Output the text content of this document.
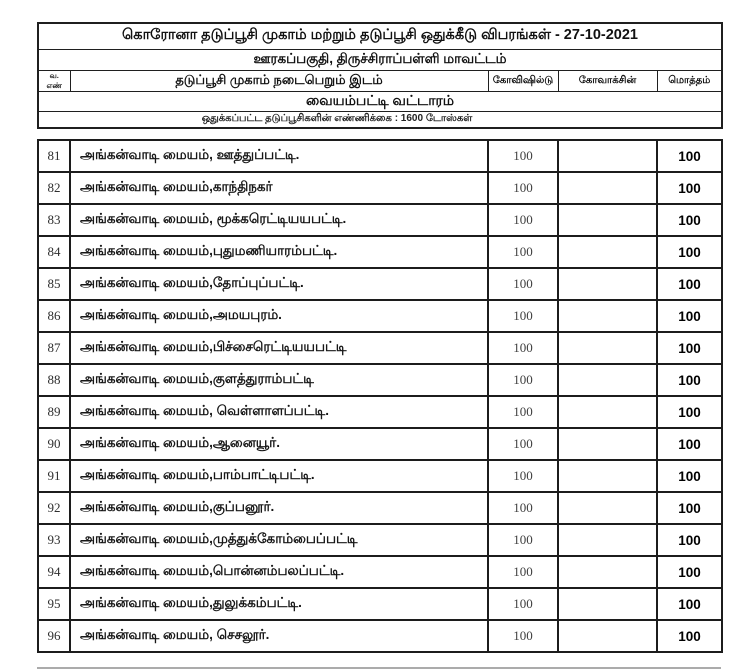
கொரோனா தடுப்பூசி முகாம் மற்றும் தடுப்பூசி ஒதுக்கீடு விபரங்கள் - 27-10-2021
ஊரகப்பகுதி, திருச்சிராப்பள்ளி மாவட்டம்
வ. எண்	தடுப்பூசி முகாம் நடைபெறும் இடம்	கோவிஷில்டு	கோவாக்சின்	மொத்தம்
வையம்பட்டி வட்டாரம்
ஒதுக்கப்பட்ட தடுப்பூசிகளின் எண்ணிக்கை : 1600 டோஸ்கள்
81	அங்கன்வாடி மையம், ஊத்துப்பட்டி.	100		100
82	அங்கன்வாடி மையம்,காந்திநகர்	100		100
83	அங்கன்வாடி மையம், மூக்கரெட்டியயபட்டி.	100		100
84	அங்கன்வாடி மையம்,புதுமணியாரம்பட்டி.	100		100
85	அங்கன்வாடி மையம்,தோப்புப்பட்டி.	100		100
86	அங்கன்வாடி மையம்,அமயபுரம்.	100		100
87	அங்கன்வாடி மையம்,பிச்சைரெட்டியயபட்டி	100		100
88	அங்கன்வாடி மையம்,குளத்துராம்பட்டி	100		100
89	அங்கன்வாடி மையம், வெள்ளாளப்பட்டி.	100		100
90	அங்கன்வாடி மையம்,ஆனையூர்.	100		100
91	அங்கன்வாடி மையம்,பாம்பாட்டிபட்டி.	100		100
92	அங்கன்வாடி மையம்,குப்பனூர்.	100		100
93	அங்கன்வாடி மையம்,முத்துக்கோம்பைப்பட்டி	100		100
94	அங்கன்வாடி மையம்,பொன்னம்பலப்பட்டி.	100		100
95	அங்கன்வாடி மையம்,துலுக்கம்பட்டி.	100		100
96	அங்கன்வாடி மையம், செசலூர்.	100		100
